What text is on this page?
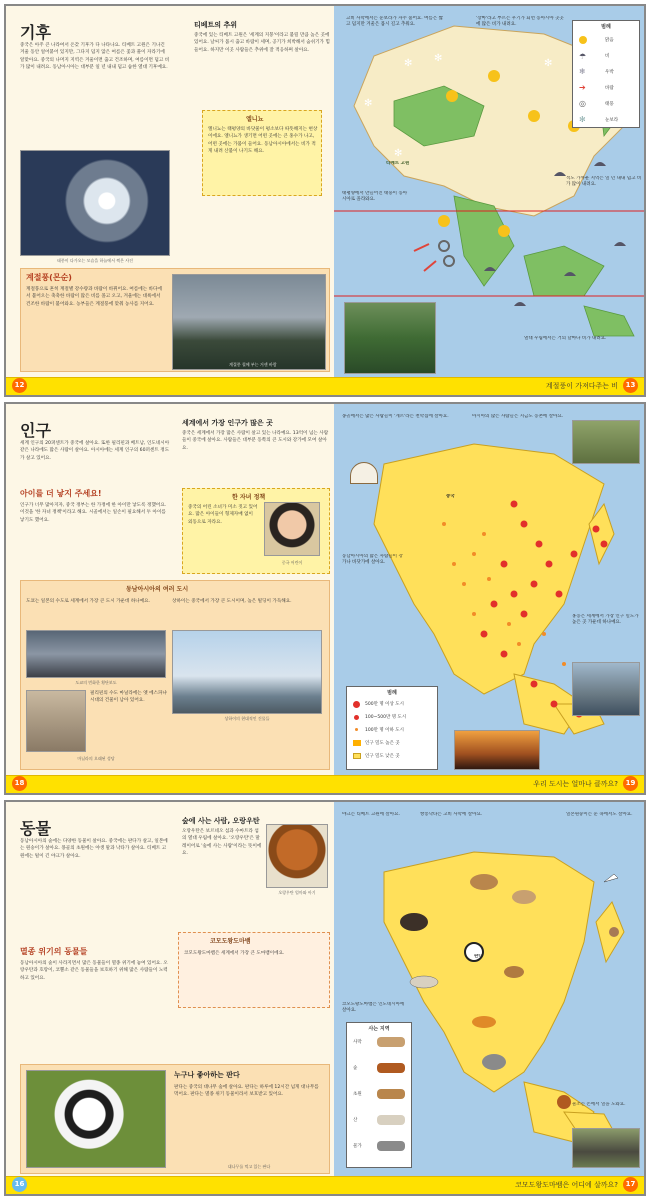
✻ ✻	✻
✻
✻
기후
중국은 아주 큰 나라여서 온갖 기후가 다 나타나요. 티베트 고원은 기나긴 겨울 동안 얼어붙어 있지만, 그다지 덥지 않은 여름은 꽃과 풀이 자라기에 알맞아요. 중국의 나머지 지역은 겨울이면 춥고 건조하며, 여름이면 덥고 비가 많이 내려요. 동남아시아는 대부분 일 년 내내 덥고 습한 열대 기후예요.
태풍이 다가오는 모습을 하늘에서 찍은 사진
계절풍(몬순)
계절풍으로 흔히 계절별 강수량과 바람이 바뀌어요. 여름에는 바다에서 불어오는 축축한 바람이 많은 비를 몰고 오고, 겨울에는 대륙에서 건조한 바람이 불어와요. 농부들은 계절풍에 맞춰 농사를 지어요.
계절풍 철에 부는 거센 바람
티베트의 추위
중국에 있는 티베트 고원은 '세계의 지붕'이라고 불릴 만큼 높은 곳에 있어요. 날씨가 몹시 춥고 바람이 세며, 공기가 희박해서 숨쉬기가 힘들어요. 하지만 이곳 사람들은 추위에 잘 적응하며 살아요.
엘니뇨
엘니뇨는 태평양의 바닷물이 평소보다 따뜻해지는 현상이에요. 엘니뇨가 생기면 어떤 곳에는 큰 홍수가 나고, 어떤 곳에는 가뭄이 들어요. 동남아시아에서는 비가 적게 내려 산불이 나기도 해요.
고비 사막에서는 눈보라가 자주 불어요. 여름은 짧고 덥지만 겨울은 몹시 길고 추워요.
'장마'라고 부르는 우기가 되면 동아시아 곳곳에 많은 비가 내려요.
티베트 고원
태평양에서 만들어진 태풍이 동아시아로 올라와요.
적도 가까운 지역은 일 년 내내 덥고 비가 많이 내려요.
열대 우림에서는 거의 날마다 비가 내려요.
범례
맑음
☂	비
❄	우박
➔	바람
◎	태풍
✻	눈보라
12	계절풍이 가져다주는 비	13
인구
세계 인구의 20퍼센트가 중국에 살아요. 또한 필리핀과 베트남, 인도네시아 같은 나라에도 많은 사람이 살아요. 아시아에는 세계 인구의 60퍼센트 정도가 살고 있어요.
아이를 더 낳지 주세요!
인구가 너무 많아지자, 중국 정부는 한 가정에 한 아이만 낳도록 정했어요. 이것을 '한 자녀 정책'이라고 해요. 시골에서는 일손이 필요해서 두 아이를 낳기도 했어요.
세계에서 가장 인구가 많은 곳
중국은 세계에서 가장 많은 사람이 살고 있는 나라예요. 13억이 넘는 사람들이 중국에 살아요. 사람들은 대부분 동쪽의 큰 도시와 강가에 모여 살아요.
한 자녀 정책
중국의 어린 소녀가 미소 짓고 있어요. 많은 아이들이 형제자매 없이 외동으로 자라요.
중국 어린이
동남아시아의 여러 도시
도쿄는 일본의 수도로 세계에서 가장 큰 도시 가운데 하나예요.
도쿄의 번화한 횡단보도
상하이는 중국에서 가장 큰 도시이며, 높은 빌딩이 가득해요.
상하이의 현대적인 건물들
필리핀의 수도 마닐라에는 옛 에스파냐 시대의 건물이 남아 있어요.
마닐라의 오래된 성당
몽골에서는 많은 사람들이 '게르'라는 천막집에 살아요.
중국
홍콩은 세계에서 가장 인구 밀도가 높은 곳 가운데 하나예요.
동남아시아의 많은 사람들이 강가나 바닷가에 살아요.
아시아의 많은 사람들은 지금도 농촌에 살아요.
범례
500만 명 이상 도시
100~500만 명 도시
100만 명 이하 도시
인구 밀도 높은 곳
인구 밀도 낮은 곳
18	우리 도시는 얼마나 클까요?	19
동물
동남아시아의 숲에는 다양한 동물이 살아요. 중국에는 판다가 살고, 일본에는 원숭이가 살아요. 몽골의 초원에는 야생 말과 낙타가 살아요. 티베트 고원에는 털이 긴 야크가 살아요.
멸종 위기의 동물들
동남아시아의 숲이 사라지면서 많은 동물들이 멸종 위기에 놓여 있어요. 오랑우탄과 호랑이, 코뿔소 같은 동물들을 보호하기 위해 많은 사람들이 노력하고 있어요.
숲에 사는 사람, 오랑우탄
오랑우탄은 보르네오 섬과 수마트라 섬의 열대 우림에 살아요. '오랑우탄'은 말레이어로 '숲에 사는 사람'이라는 뜻이에요.
오랑우탄 엄마와 아기
코모도왕도마뱀
코모도왕도마뱀은 세계에서 가장 큰 도마뱀이에요.
누구나 좋아하는 판다
판다는 중국의 대나무 숲에 살아요. 판다는 하루에 12시간 넘게 대나무를 먹어요. 판다는 멸종 위기 동물이라서 보호받고 있어요.
대나무를 먹고 있는 판다
야크는 티베트 고원에 살아요.	쌍봉낙타는 고비 사막에 살아요.
판다
코모도왕도마뱀은 인도네시아에 살아요.
일본원숭이는 눈 속에서도 살아요.
물소는 논에서 일을 도와요.
사는 지역
사막
숲
초원
산
물가
16	코모도왕도마뱀은 어디에 살까요?	17
